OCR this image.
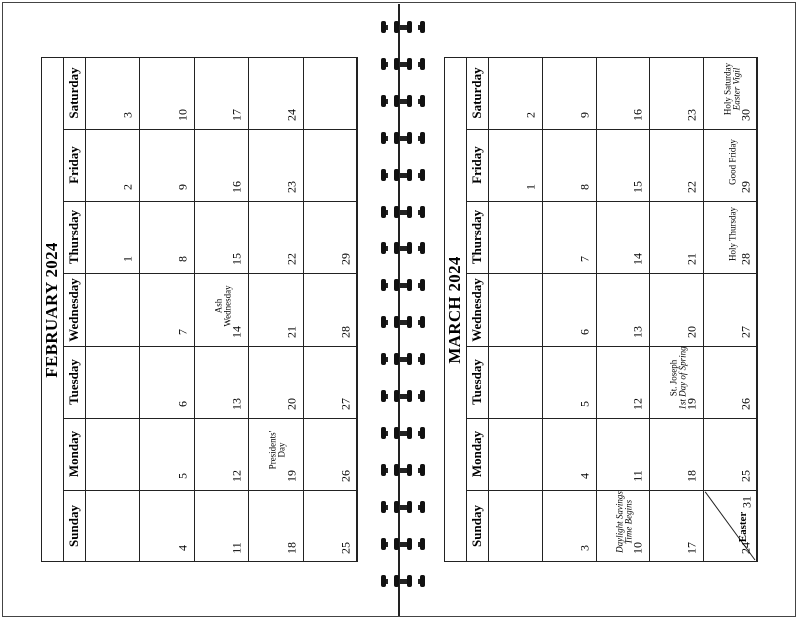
FEBRUARY 2024
Sunday
Monday
Tuesday
Wednesday
Thursday
Friday
Saturday
1
2
3
4
5
6
7
8
9
10
11
12
13
14
Ash Wednesday
15
16
17
18
19
Presidents' Day
20
21
22
23
24
25
26
27
28
29	MARCH 2024
Sunday
Monday
Tuesday
Wednesday
Thursday
Friday
Saturday
1
2
3
4
5
6
7
8
9
10
Daylight Savings Time Begins
11
12
13
14
15
16
17
18
19
St. Joseph 1st Day of Spring
20
21
22
23
24
31
Easter
25
26
27
28
Holy Thursday
29
Good Friday
30
Holy Saturday Easter Vigil
